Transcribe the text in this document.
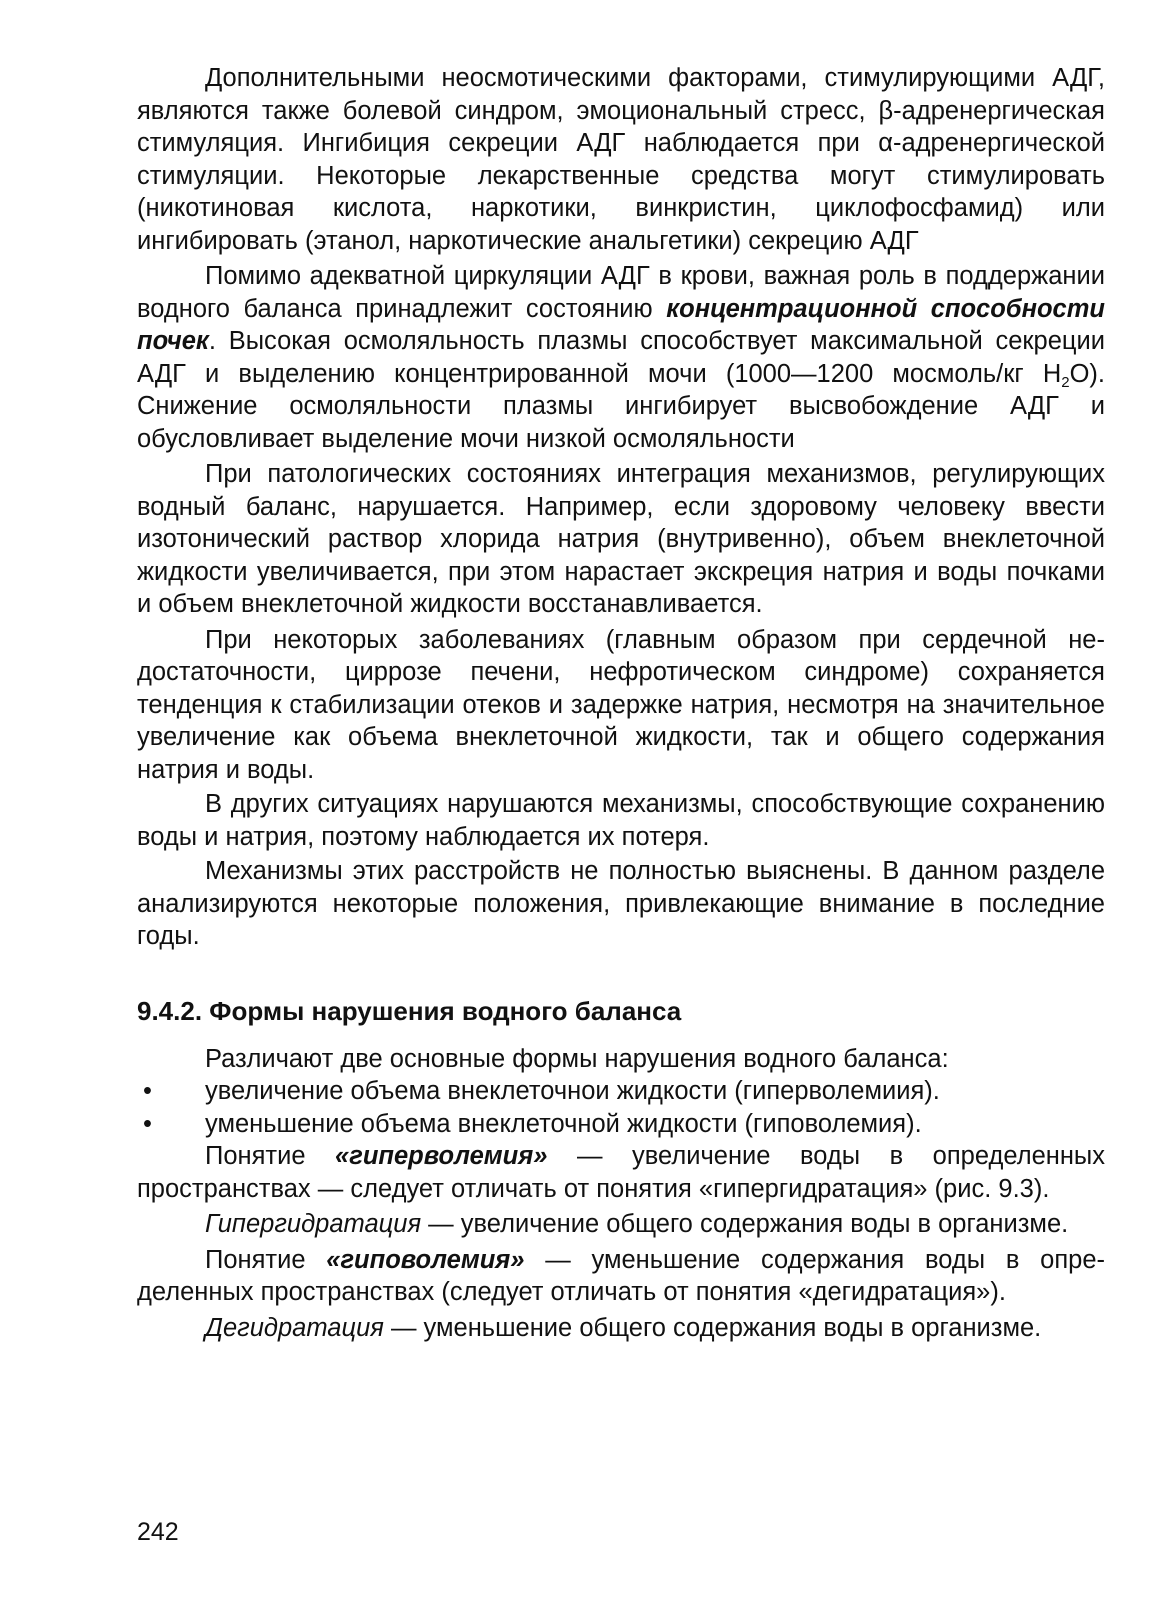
Дополнительными неосмотическими факторами, стимулирующими АДГ, являются также болевой синдром, эмоциональный стресс, β-адренергическая стимуляция. Ингибиция секреции АДГ наблюдается при α-адренергической стимуляции. Некоторые лекарственные средства могут стимулировать (никотиновая кислота, наркотики, винкристин, циклофосфамид) или ингибировать (этанол, наркотические анальгетики) секрецию АДГ

Помимо адекватной циркуляции АДГ в крови, важная роль в поддержании водного баланса принадлежит состоянию концентрационной способности почек. Высокая осмоляльность плазмы способствует максимальной секреции АДГ и выделению концентрированной мочи (1000—1200 мосмоль/кг $Н_2О$). Снижение осмоляльности плазмы ингибирует высвобождение АДГ и обусловливает выделение мочи низкой осмоляльности

При патологических состояниях интеграция механизмов, регулирующих водный баланс, нарушается. Например, если здоровому человеку ввести изотонический раствор хлорида натрия (внутривенно), объем внеклеточной жидкости увеличивается, при этом нарастает экскреция натрия и воды почками и объем внеклеточной жидкости восстанавливается.

При некоторых заболеваниях (главным образом при сердечной недостаточности, циррозе печени, нефротическом синдроме) сохраняется тенденция к стабилизации отеков и задержке натрия, несмотря на значительное увеличение как объема внеклеточной жидкости, так и общего содержания натрия и воды.

В других ситуациях нарушаются механизмы, способствующие сохранению воды и натрия, поэтому наблюдается их потеря.

Механизмы этих расстройств не полностью выяснены. В данном разделе анализируются некоторые положения, привлекающие внимание в последние годы.

9.4.2. Формы нарушения водного баланса

Различают две основные формы нарушения водного баланса:

• увеличение объема внеклеточнои жидкости (гиперволемиия).
• уменьшение объема внеклеточной жидкости (гиповолемия).

Понятие «гиперволемия» — увеличение воды в определенных пространствах — следует отличать от понятия «гипергидратация» (рис. 9.3).

Гипергидратация — увеличение общего содержания воды в организме.

Понятие «гиповолемия» — уменьшение содержания воды в определенных пространствах (следует отличать от понятия «дегидратация»).

Дегидратация — уменьшение общего содержания воды в организме.

242
